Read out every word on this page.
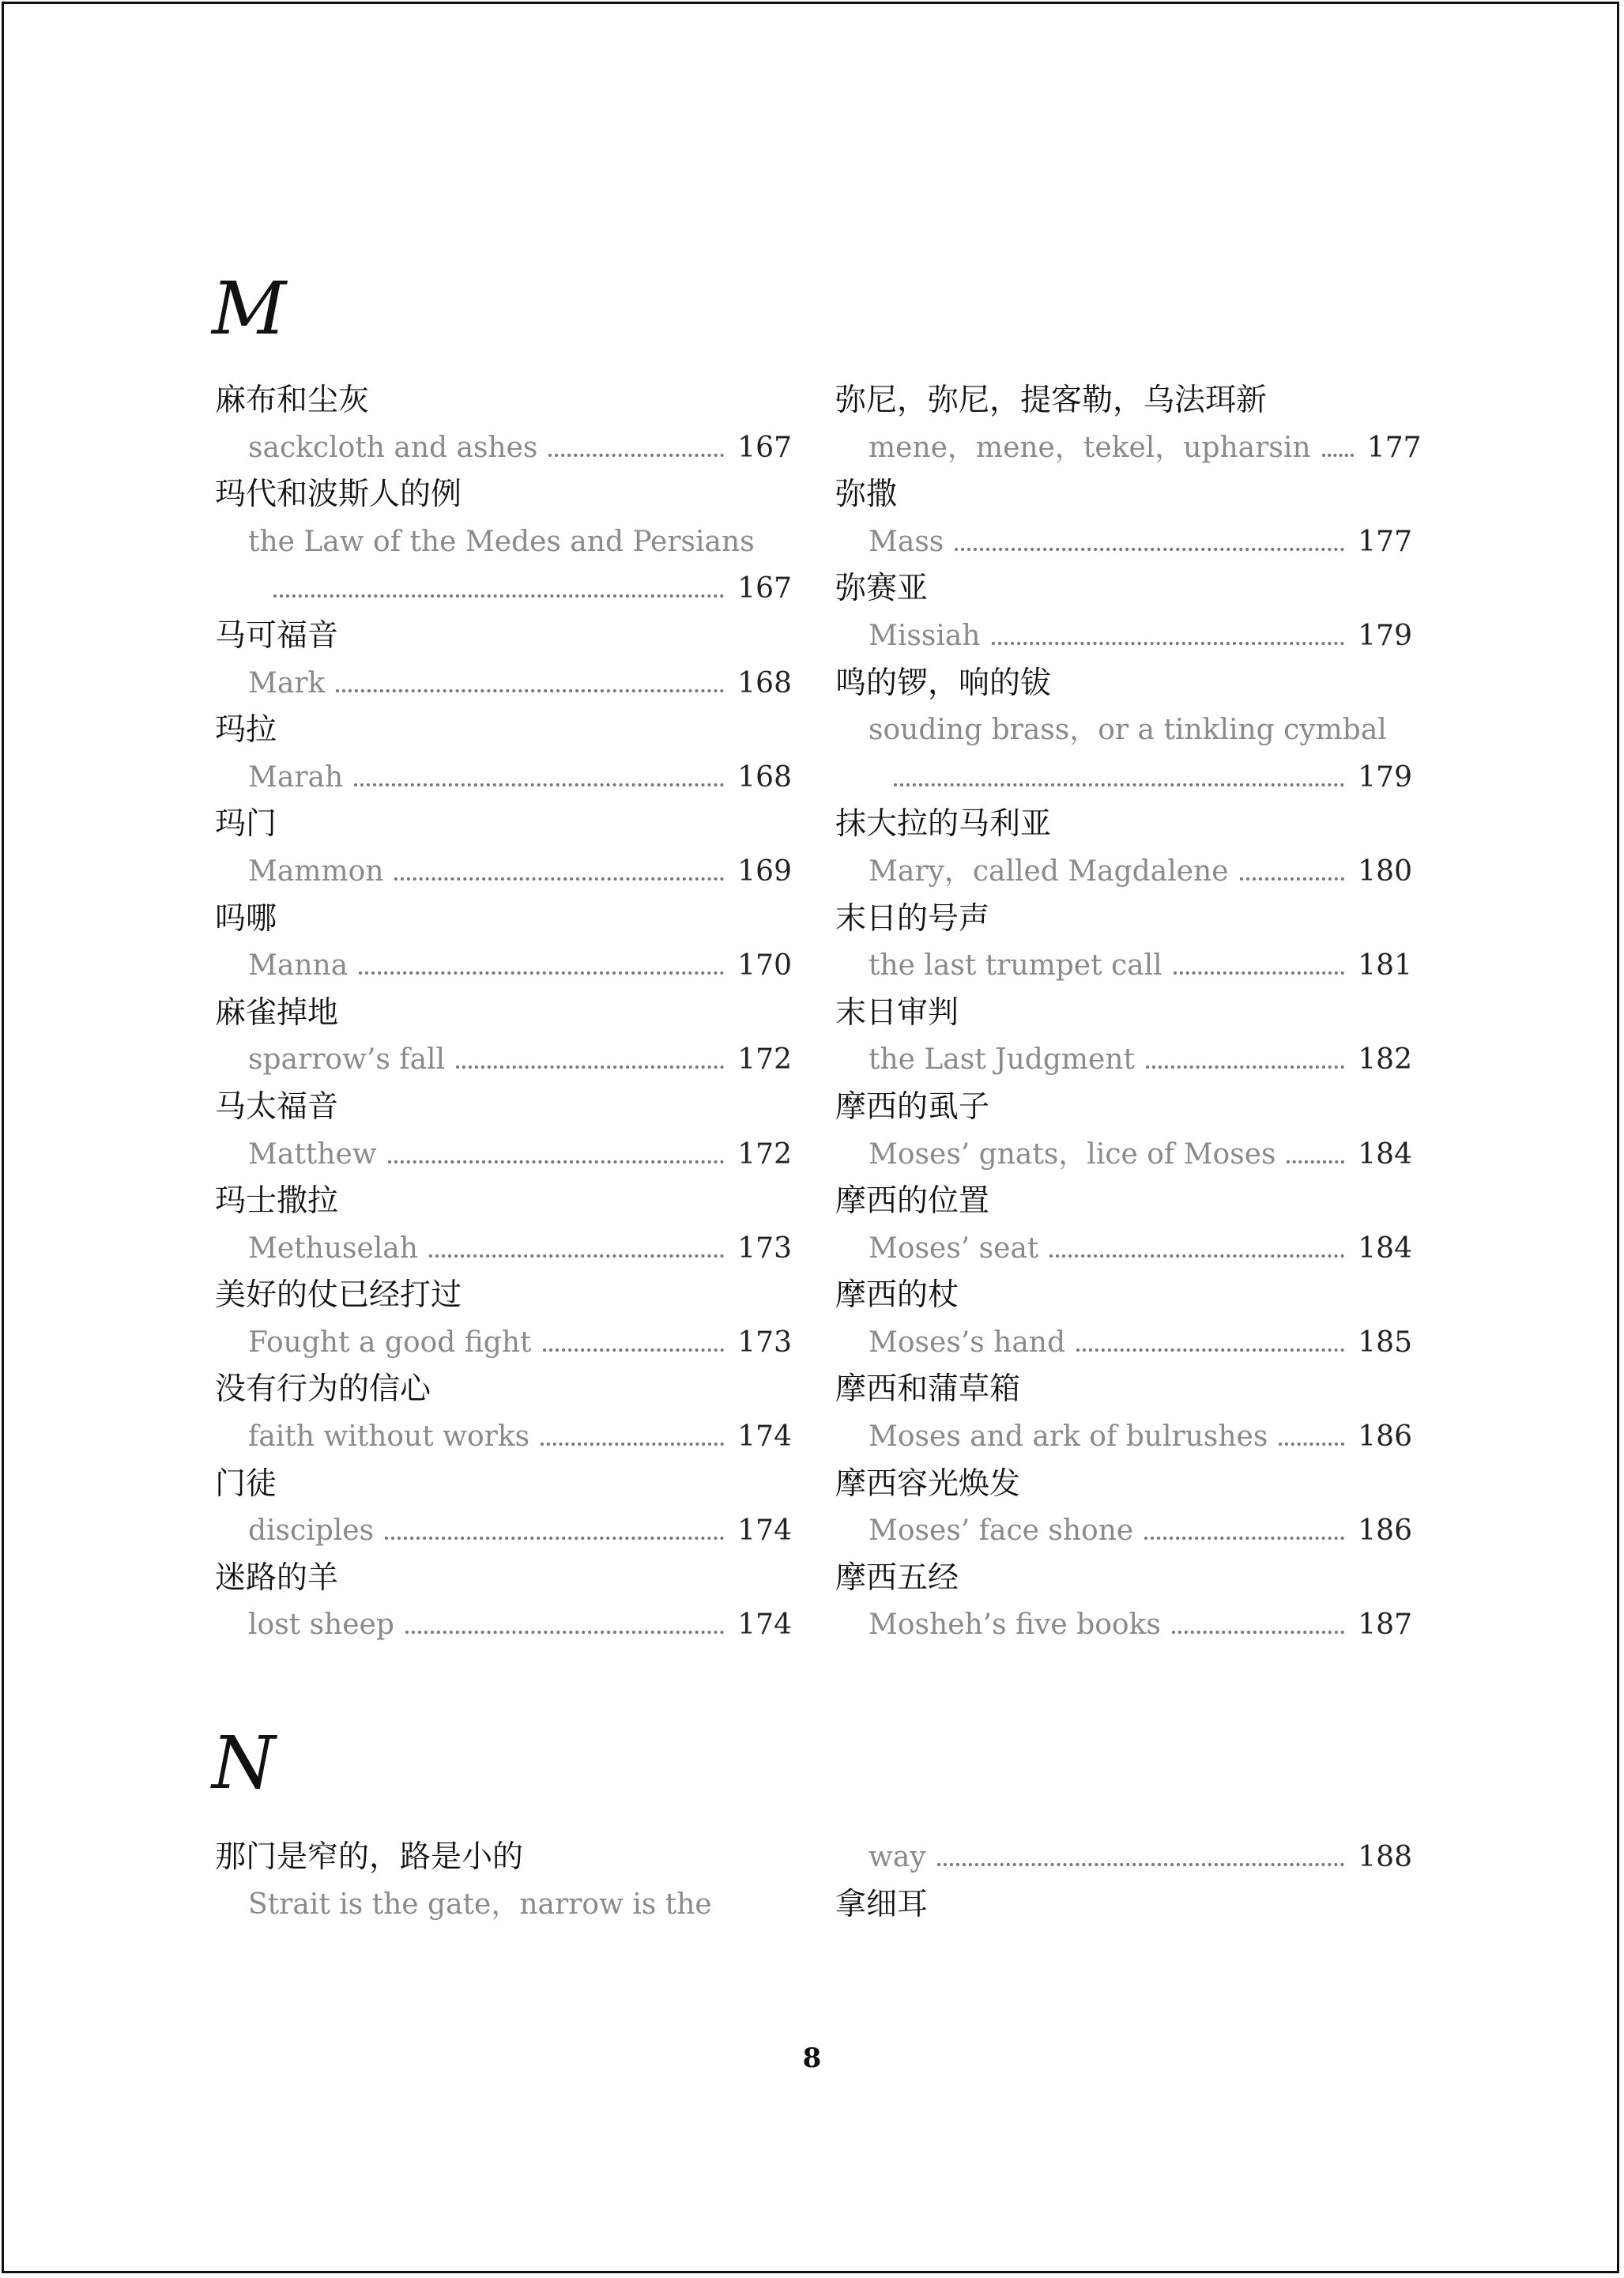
M
麻布和尘灰
sackcloth and ashes	167
玛代和波斯人的例
the Law of the Medes and Persians
167
马可福音
Mark	168
玛拉
Marah	168
玛门
Mammon	169
吗哪
Manna	170
麻雀掉地
sparrow’s fall	172
马太福音
Matthew	172
玛士撒拉
Methuselah	173
美好的仗已经打过
Fought a good fight	173
没有行为的信心
faith without works	174
门徒
disciples	174
迷路的羊
lost sheep	174
弥尼，弥尼，提客勒，乌法珥新
mene，mene，tekel，upharsin 177
弥撒
Mass	177
弥赛亚
Missiah	179
鸣的锣，响的钹
souding brass，or a tinkling cymbal
179
抹大拉的马利亚
Mary，called Magdalene	180
末日的号声
the last trumpet call	181
末日审判
the Last Judgment	182
摩西的虱子
Moses’ gnats，lice of Moses	184
摩西的位置
Moses’ seat	184
摩西的杖
Moses’s hand	185
摩西和蒲草箱
Moses and ark of bulrushes	186
摩西容光焕发
Moses’ face shone	186
摩西五经
Mosheh’s five books	187
N
那门是窄的，路是小的
Strait is the gate，narrow is the
way	188
拿细耳
8
